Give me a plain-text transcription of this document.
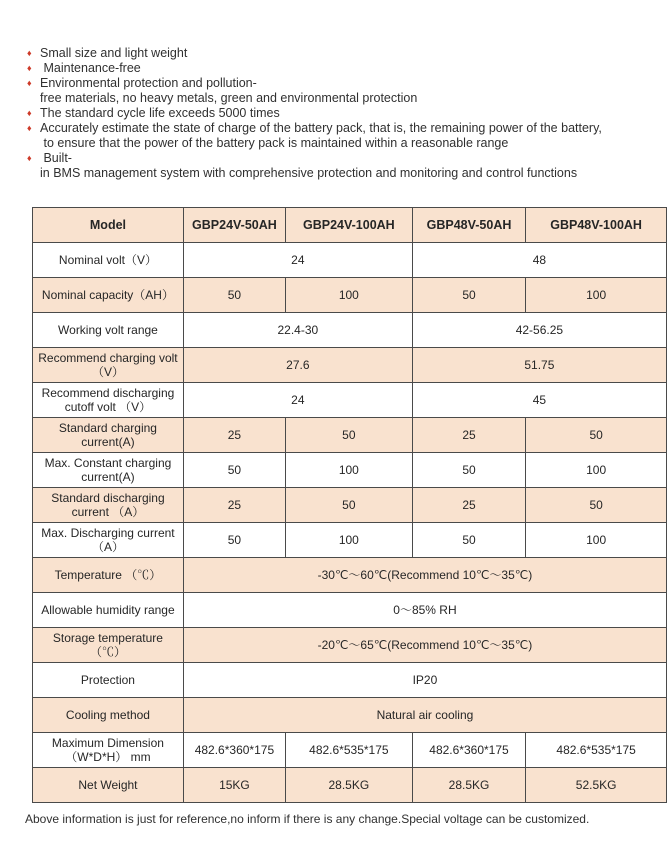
♦ Small size and light weight
♦ Maintenance-free
♦ Environmental protection and pollution-
free materials, no heavy metals, green and environmental protection
♦ The standard cycle life exceeds 5000 times
♦ Accurately estimate the state of charge of the battery pack, that is, the remaining power of the battery,
to ensure that the power of the battery pack is maintained within a reasonable range
♦ Built-
in BMS management system with comprehensive protection and monitoring and control functions
Model	GBP24V-50AH	GBP24V-100AH	GBP48V-50AH	GBP48V-100AH

Nominal volt（V）	24		48	

Nominal capacity（AH）	50	100	50	100

Working volt range	22.4-30		42-56.25	

Recommend charging volt
（V）	27.6		51.75	

Recommend discharging
cutoff volt （V）	24		45	

Standard charging
current(A)	25	50	25	50

Max. Constant charging
current(A)	50	100	50	100

Standard discharging
current （A）	25	50	25	50

Max. Discharging current
（A）	50	100	50	100

Temperature （℃）	-30℃～60℃(Recommend 10℃～35℃)			

Allowable humidity range	0～85% RH			

Storage temperature
（℃）	-20℃～65℃(Recommend 10℃～35℃)			

Protection	IP20			

Cooling method	Natural air cooling			

Maximum Dimension
（W*D*H） mm	482.6*360*175	482.6*535*175	482.6*360*175	482.6*535*175

Net Weight	15KG	28.5KG	28.5KG	52.5KG
Above information is just for reference,no inform if there is any change.Special voltage can be customized.
